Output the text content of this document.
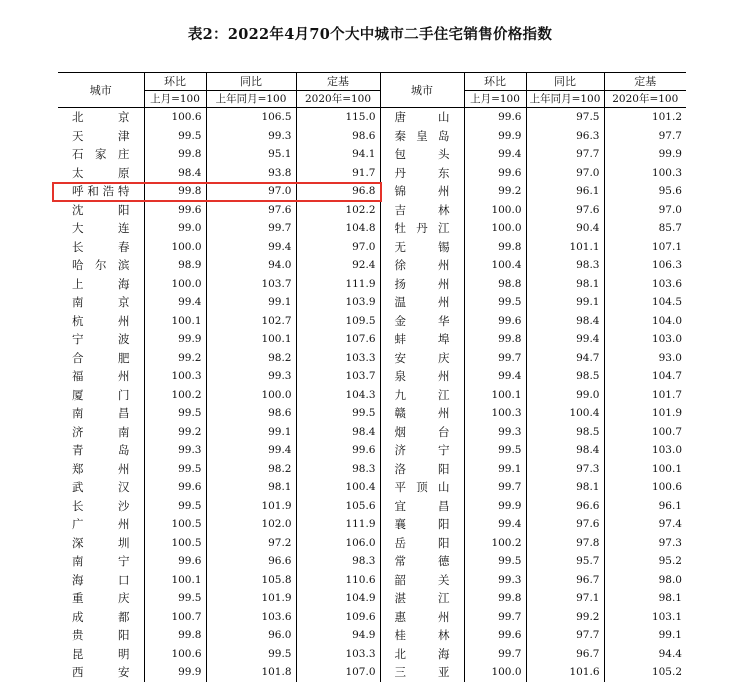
表2：2022年4月70个大中城市二手住宅销售价格指数
城市	环比	同比	定基	城市	环比	同比	定基
	上月=100	上年同月=100	2020年=100		上月=100	上年同月=100	2020年=100
北　京	100.6	106.5	115.0	唐　山	99.6	97.5	101.2
天　津	99.5	99.3	98.6	秦皇岛	99.9	96.3	97.7
石家庄	99.8	95.1	94.1	包　头	99.4	97.7	99.9
太　原	98.4	93.8	91.7	丹　东	99.6	97.0	100.3
呼和浩特	99.8	97.0	96.8	锦　州	99.2	96.1	95.6
沈　阳	99.6	97.6	102.2	吉　林	100.0	97.6	97.0
大　连	99.0	99.7	104.8	牡丹江	100.0	90.4	85.7
长　春	100.0	99.4	97.0	无　锡	99.8	101.1	107.1
哈尔滨	98.9	94.0	92.4	徐　州	100.4	98.3	106.3
上　海	100.0	103.7	111.9	扬　州	98.8	98.1	103.6
南　京	99.4	99.1	103.9	温　州	99.5	99.1	104.5
杭　州	100.1	102.7	109.5	金　华	99.6	98.4	104.0
宁　波	99.9	100.1	107.6	蚌　埠	99.8	99.4	103.0
合　肥	99.2	98.2	103.3	安　庆	99.7	94.7	93.0
福　州	100.3	99.3	103.7	泉　州	99.4	98.5	104.7
厦　门	100.2	100.0	104.3	九　江	100.1	99.0	101.7
南　昌	99.5	98.6	99.5	赣　州	100.3	100.4	101.9
济　南	99.2	99.1	98.4	烟　台	99.3	98.5	100.7
青　岛	99.3	99.4	99.6	济　宁	99.5	98.4	103.0
郑　州	99.5	98.2	98.3	洛　阳	99.1	97.3	100.1
武　汉	99.6	98.1	100.4	平顶山	99.7	98.1	100.6
长　沙	99.5	101.9	105.6	宜　昌	99.9	96.6	96.1
广　州	100.5	102.0	111.9	襄　阳	99.4	97.6	97.4
深　圳	100.5	97.2	106.0	岳　阳	100.2	97.8	97.3
南　宁	99.6	96.6	98.3	常　德	99.5	95.7	95.2
海　口	100.1	105.8	110.6	韶　关	99.3	96.7	98.0
重　庆	99.5	101.9	104.9	湛　江	99.8	97.1	98.1
成　都	100.7	103.6	109.6	惠　州	99.7	99.2	103.1
贵　阳	99.8	96.0	94.9	桂　林	99.6	97.7	99.1
昆　明	100.6	99.5	103.3	北　海	99.7	96.7	94.4
西　安	99.9	101.8	107.0	三　亚	100.0	101.6	105.2
